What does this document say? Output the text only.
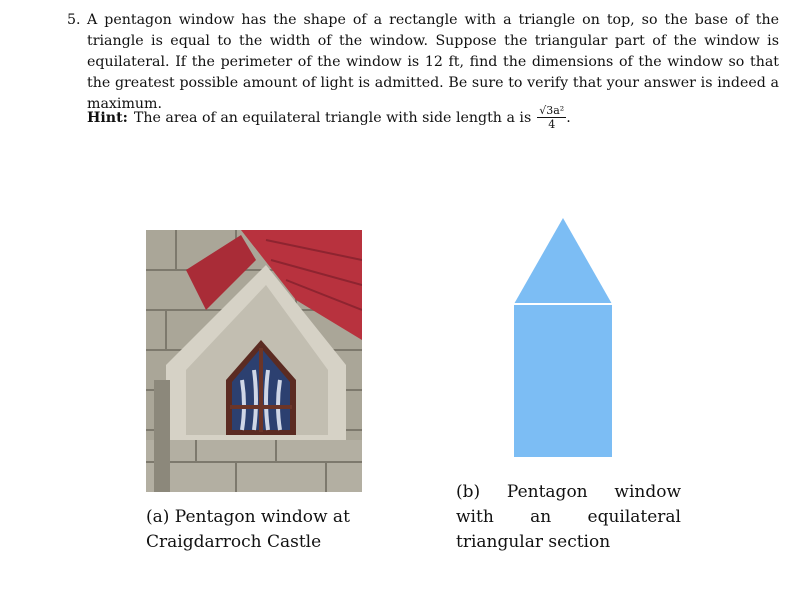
5. A pentagon window has the shape of a rectangle with a triangle on top, so the base of the triangle is equal to the width of the window. Suppose the triangular part of the window is equilateral. If the perimeter of the window is 12 ft, find the dimensions of the window so that the greatest possible amount of light is admitted. Be sure to verify that your answer is indeed a maximum.
Hint: The area of an equilateral triangle with side length a is $\frac{\text{√3a²}}{4}$ .
(a) Pentagon window at Craigdarroch Castle
(b) Pentagon window with an equilateral triangular section
